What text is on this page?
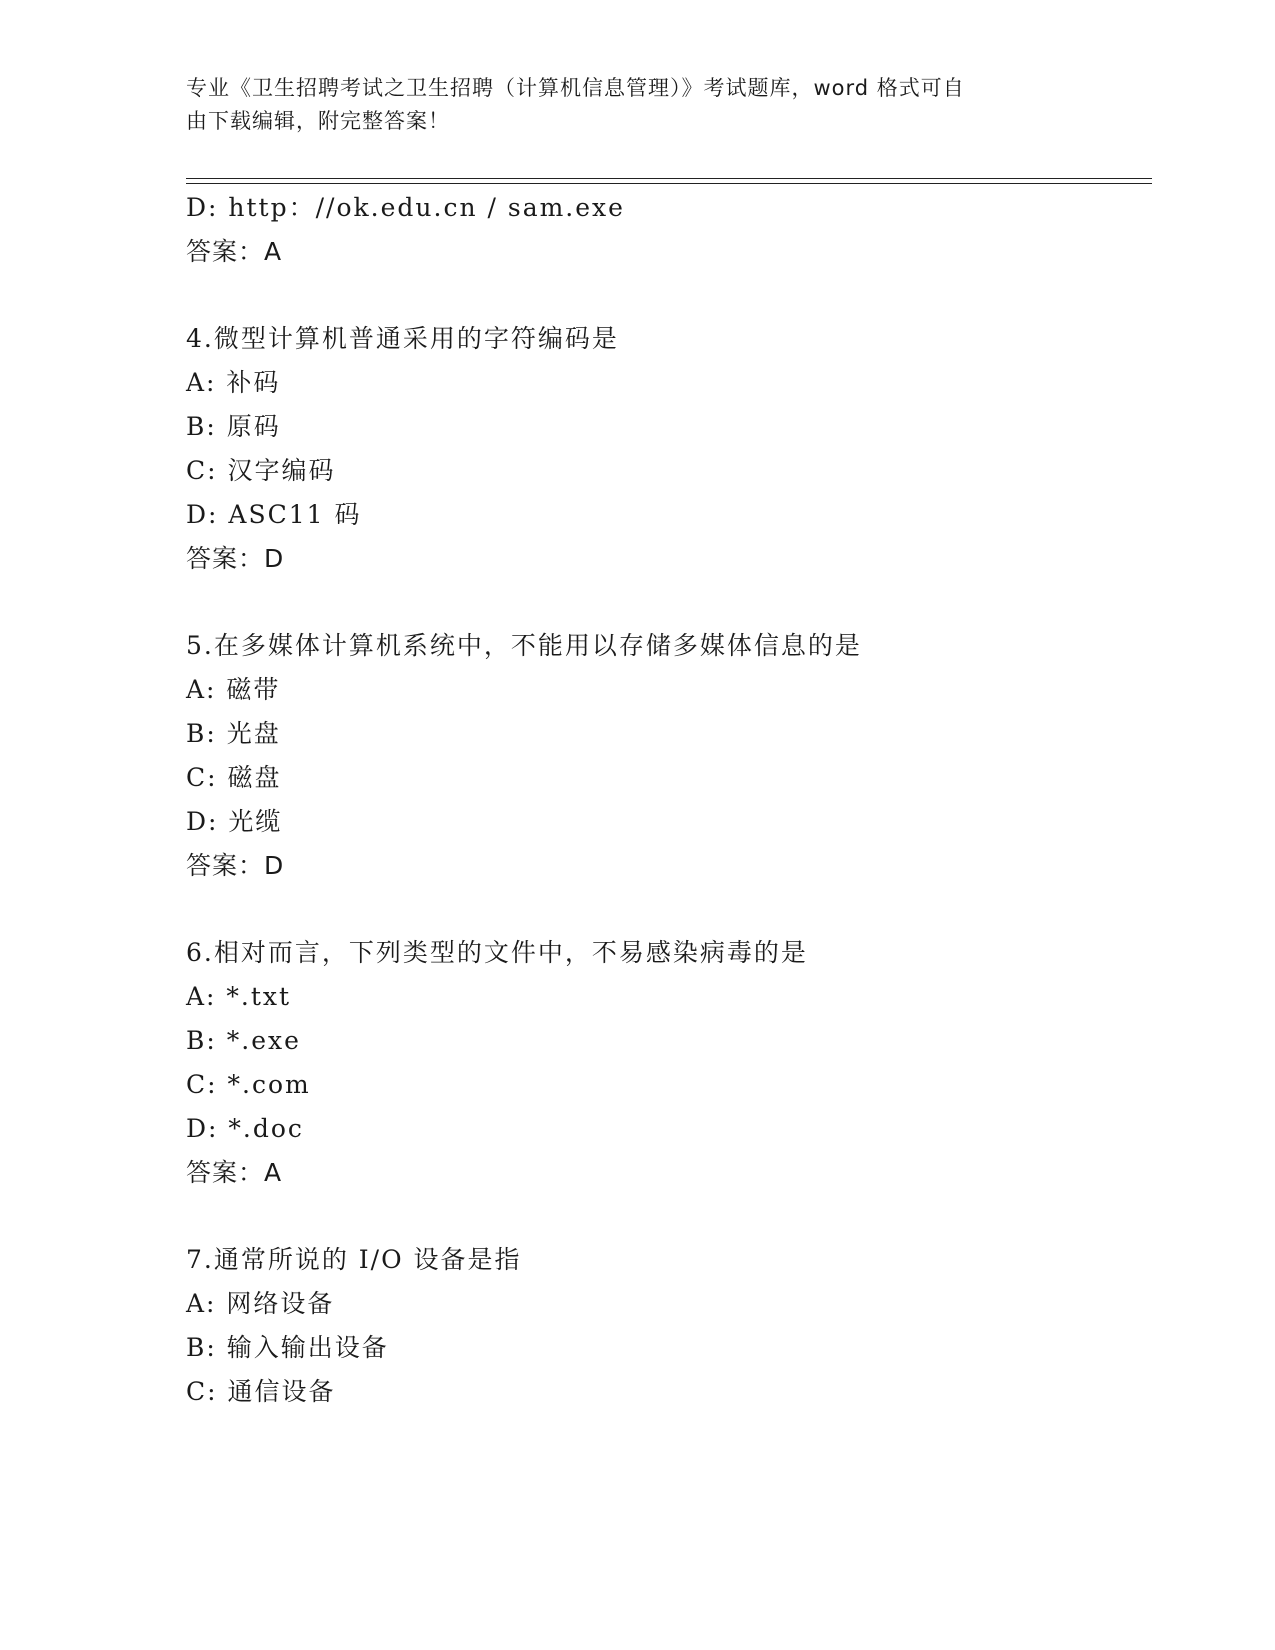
专业《卫生招聘考试之卫生招聘（计算机信息管理）》考试题库，word 格式可自
由下载编辑，附完整答案！
D: http：//ok.edu.cn / sam.exe
答案：A
4.微型计算机普通采用的字符编码是
A: 补码
B: 原码
C: 汉字编码
D: ASC11 码
答案：D
5.在多媒体计算机系统中，不能用以存储多媒体信息的是
A: 磁带
B: 光盘
C: 磁盘
D: 光缆
答案：D
6.相对而言，下列类型的文件中，不易感染病毒的是
A: *.txt
B: *.exe
C: *.com
D: *.doc
答案：A
7.通常所说的 I/O 设备是指
A: 网络设备
B: 输入输出设备
C: 通信设备
